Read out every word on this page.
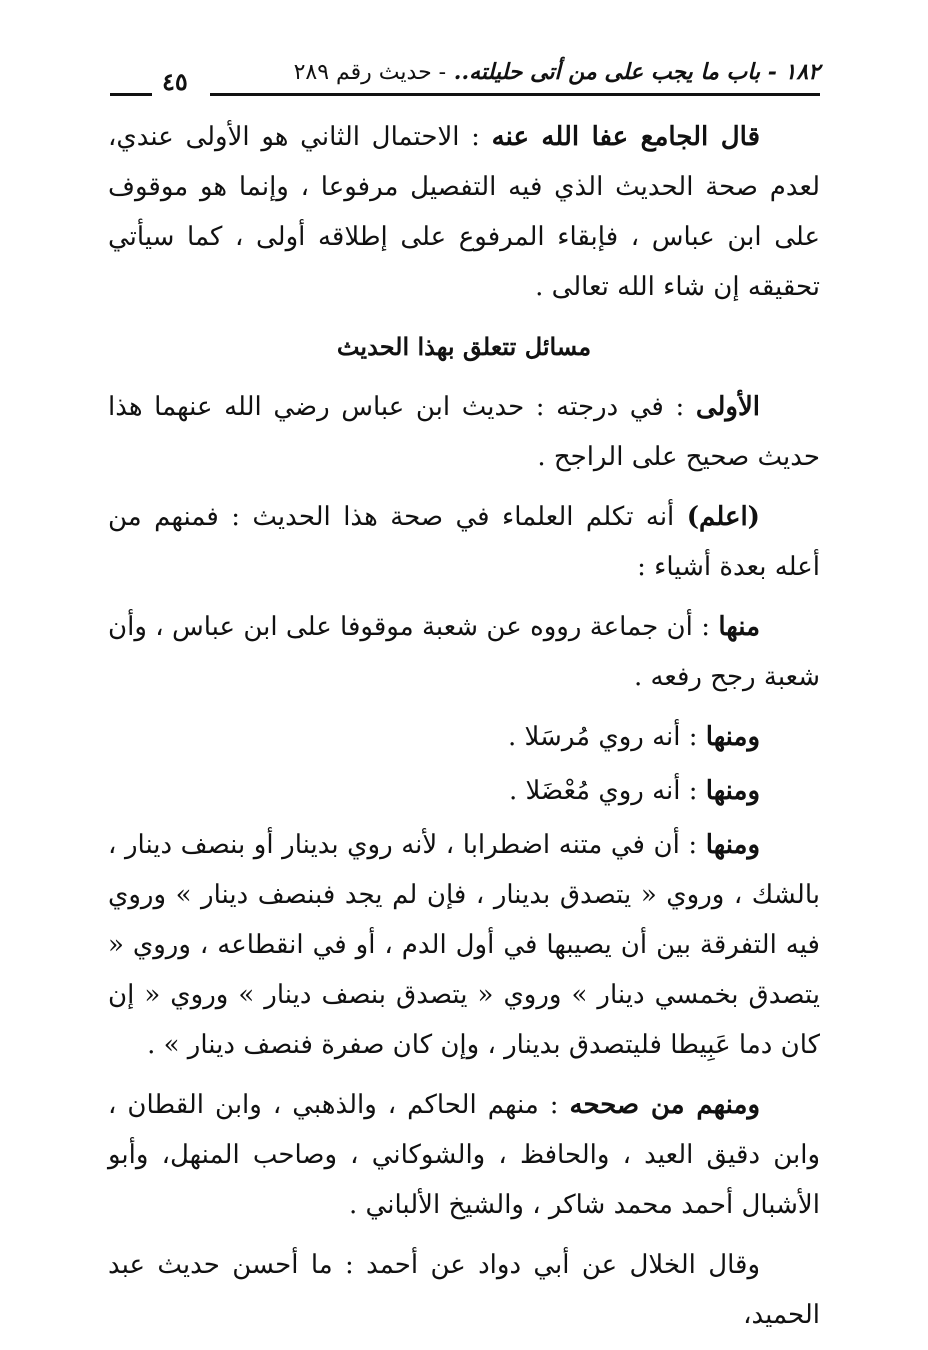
١٨٢ - باب ما يجب على من أتى حليلته.. - حديث رقم ٢٨٩
٤٥

قال الجامع عفا الله عنه : الاحتمال الثاني هو الأولى عندي، لعدم صحة الحديث الذي فيه التفصيل مرفوعا ، وإنما هو موقوف على ابن عباس ، فإبقاء المرفوع على إطلاقه أولى ، كما سيأتي تحقيقه إن شاء الله تعالى .

مسائل تتعلق بهذا الحديث

الأولى : في درجته : حديث ابن عباس رضي الله عنهما هذا حديث صحيح على الراجح .

(اعلم) أنه تكلم العلماء في صحة هذا الحديث : فمنهم من أعله بعدة أشياء :

منها : أن جماعة رووه عن شعبة موقوفا على ابن عباس ، وأن شعبة رجح رفعه .

ومنها : أنه روي مُرسَلا .

ومنها : أنه روي مُعْضَلا .

ومنها : أن في متنه اضطرابا ، لأنه روي بدينار أو بنصف دينار ، بالشك ، وروي « يتصدق بدينار ، فإن لم يجد فبنصف دينار » وروي فيه التفرقة بين أن يصيبها في أول الدم ، أو في انقطاعه ، وروي « يتصدق بخمسي دينار » وروي « يتصدق بنصف دينار » وروي « إن كان دما عَبِيطا فليتصدق بدينار ، وإن كان صفرة فنصف دينار » .

ومنهم من صححه : منهم الحاكم ، والذهبي ، وابن القطان ، وابن دقيق العيد ، والحافظ ، والشوكاني ، وصاحب المنهل، وأبو الأشبال أحمد محمد شاكر ، والشيخ الألباني .

وقال الخلال عن أبي دواد عن أحمد : ما أحسن حديث عبد الحميد،
